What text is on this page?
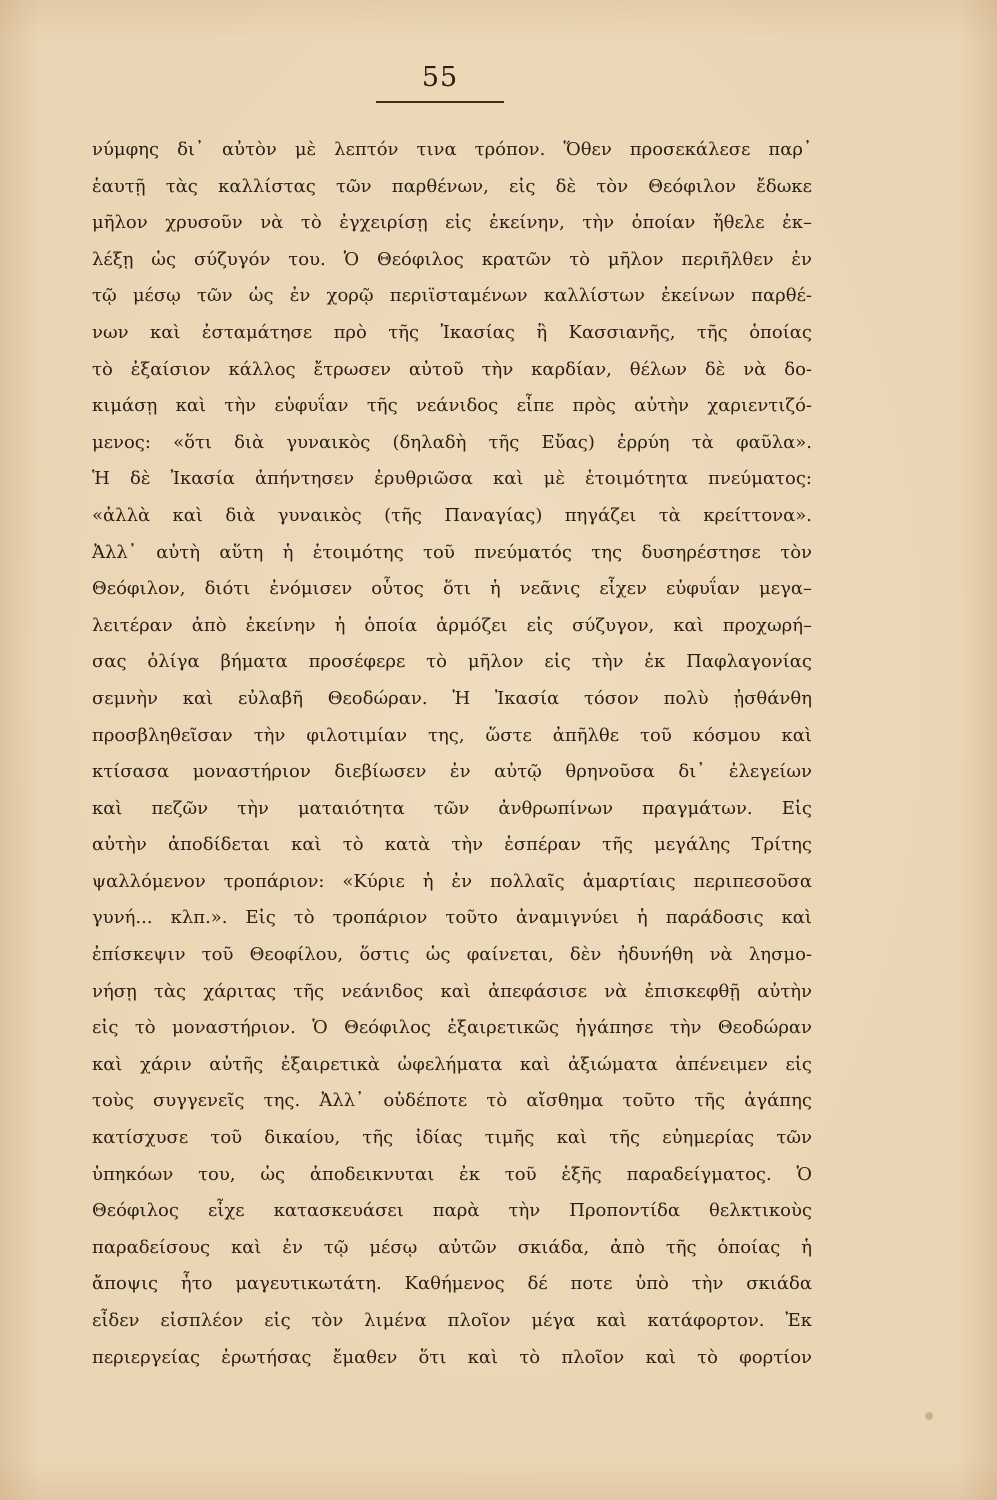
55
νύμφης δι᾽ αὐτὸν μὲ λεπτόν τινα τρόπον. Ὅθεν προσεκάλεσε παρ᾽
ἑαυτῇ τὰς καλλίστας τῶν παρθένων, εἰς δὲ τὸν Θεόφιλον ἔδωκε
μῆλον χρυσοῦν νὰ τὸ ἐγχειρίσῃ εἰς ἐκείνην, τὴν ὁποίαν ἤθελε ἐκ–
λέξῃ ὡς σύζυγόν του. Ὁ Θεόφιλος κρατῶν τὸ μῆλον περιῆλθεν ἐν
τῷ μέσῳ τῶν ὡς ἐν χορῷ περιϊσταμένων καλλίστων ἐκείνων παρθέ-
νων καὶ ἐσταμάτησε πρὸ τῆς Ἰκασίας ἢ Κασσιανῆς, τῆς ὁποίας
τὸ ἐξαίσιον κάλλος ἔτρωσεν αὐτοῦ τὴν καρδίαν, θέλων δὲ νὰ δο-
κιμάσῃ καὶ τὴν εὐφυΐαν τῆς νεάνιδος εἶπε πρὸς αὐτὴν χαριεντιζό-
μενος: «ὅτι διὰ γυναικὸς (δηλαδὴ τῆς Εὔας) ἐρρύη τὰ φαῦλα».
Ἡ δὲ Ἰκασία ἀπήντησεν ἐρυθριῶσα καὶ μὲ ἑτοιμότητα πνεύματος:
«ἀλλὰ καὶ διὰ γυναικὸς (τῆς Παναγίας) πηγάζει τὰ κρείττονα».
Ἀλλ᾽ αὐτὴ αὕτη ἡ ἑτοιμότης τοῦ πνεύματός της δυσηρέστησε τὸν
Θεόφιλον, διότι ἐνόμισεν οὗτος ὅτι ἡ νεᾶνις εἶχεν εὐφυΐαν μεγα–
λειτέραν ἀπὸ ἐκείνην ἡ ὁποία ἁρμόζει εἰς σύζυγον, καὶ προχωρή–
σας ὀλίγα βήματα προσέφερε τὸ μῆλον εἰς τὴν ἐκ Παφλαγονίας
σεμνὴν καὶ εὐλαβῆ Θεοδώραν. Ἡ Ἰκασία τόσον πολὺ ᾐσθάνθη
προσβληθεῖσαν τὴν φιλοτιμίαν της, ὥστε ἀπῆλθε τοῦ κόσμου καὶ
κτίσασα μοναστήριον διεβίωσεν ἐν αὐτῷ θρηνοῦσα δι᾽ ἐλεγείων
καὶ πεζῶν τὴν ματαιότητα τῶν ἀνθρωπίνων πραγμάτων. Εἰς
αὐτὴν ἀποδίδεται καὶ τὸ κατὰ τὴν ἑσπέραν τῆς μεγάλης Τρίτης
ψαλλόμενον τροπάριον: «Κύριε ἡ ἐν πολλαῖς ἁμαρτίαις περιπεσοῦσα
γυνή... κλπ.». Εἰς τὸ τροπάριον τοῦτο ἀναμιγνύει ἡ παράδοσις καὶ
ἐπίσκεψιν τοῦ Θεοφίλου, ὅστις ὡς φαίνεται, δὲν ἠδυνήθη νὰ λησμο-
νήσῃ τὰς χάριτας τῆς νεάνιδος καὶ ἀπεφάσισε νὰ ἐπισκεφθῇ αὐτὴν
εἰς τὸ μοναστήριον. Ὁ Θεόφιλος ἐξαιρετικῶς ἠγάπησε τὴν Θεοδώραν
καὶ χάριν αὐτῆς ἐξαιρετικὰ ὠφελήματα καὶ ἀξιώματα ἀπένειμεν εἰς
τοὺς συγγενεῖς της. Ἀλλ᾽ οὐδέποτε τὸ αἴσθημα τοῦτο τῆς ἀγάπης
κατίσχυσε τοῦ δικαίου, τῆς ἰδίας τιμῆς καὶ τῆς εὐημερίας τῶν
ὑπηκόων του, ὡς ἀποδεικνυται ἐκ τοῦ ἑξῆς παραδείγματος. Ὁ
Θεόφιλος εἶχε κατασκευάσει παρὰ τὴν Προποντίδα θελκτικοὺς
παραδείσους καὶ ἐν τῷ μέσῳ αὐτῶν σκιάδα, ἀπὸ τῆς ὁποίας ἡ
ἄποψις ἦτο μαγευτικωτάτη. Καθήμενος δέ ποτε ὑπὸ τὴν σκιάδα
εἶδεν εἰσπλέον εἰς τὸν λιμένα πλοῖον μέγα καὶ κατάφορτον. Ἐκ
περιεργείας ἐρωτήσας ἔμαθεν ὅτι καὶ τὸ πλοῖον καὶ τὸ φορτίον
